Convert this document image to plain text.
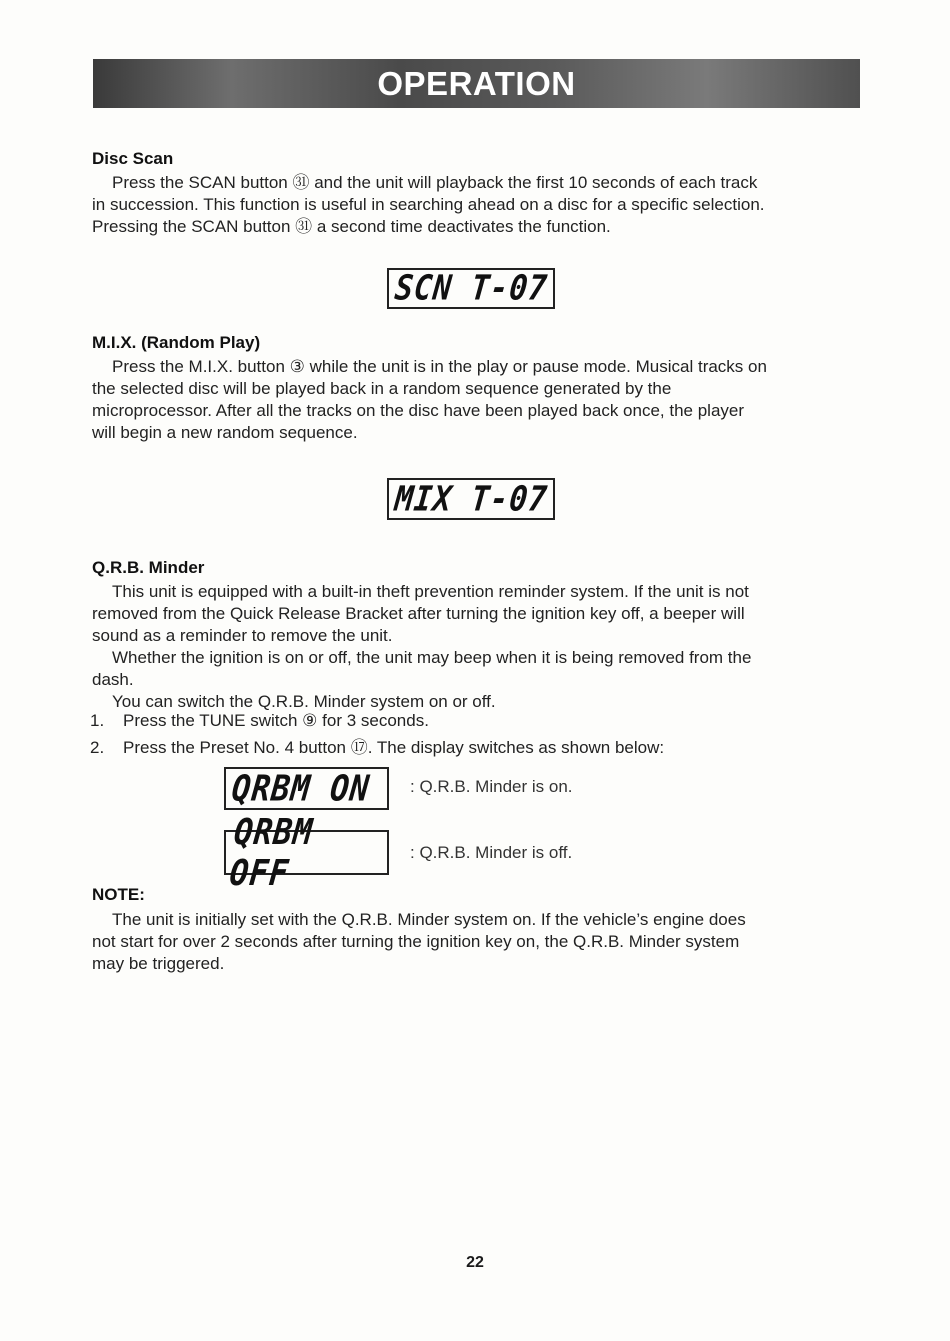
OPERATION
Disc Scan
Press the SCAN button ㉛ and the unit will playback the first 10 seconds of each track
in succession. This function is useful in searching ahead on a disc for a specific selection.
Pressing the SCAN button ㉛ a second time deactivates the function.
SCN T-07
M.I.X. (Random Play)
Press the M.I.X. button ③ while the unit is in the play or pause mode. Musical tracks on
the selected disc will be played back in a random sequence generated by the
microprocessor. After all the tracks on the disc have been played back once, the player
will begin a new random sequence.
MIX T-07
Q.R.B. Minder
This unit is equipped with a built-in theft prevention reminder system. If the unit is not
removed from the Quick Release Bracket after turning the ignition key off, a beeper will
sound as a reminder to remove the unit.
Whether the ignition is on or off, the unit may beep when it is being removed from the
dash.
You can switch the Q.R.B. Minder system on or off.
1. Press the TUNE switch ⑨ for 3 seconds.
2. Press the Preset No. 4 button ⑰. The display switches as shown below:
QRBM ON : Q.R.B. Minder is on.
QRBM OFF	: Q.R.B. Minder is off.
NOTE:
The unit is initially set with the Q.R.B. Minder system on. If the vehicle’s engine does
not start for over 2 seconds after turning the ignition key on, the Q.R.B. Minder system
may be triggered.
22
